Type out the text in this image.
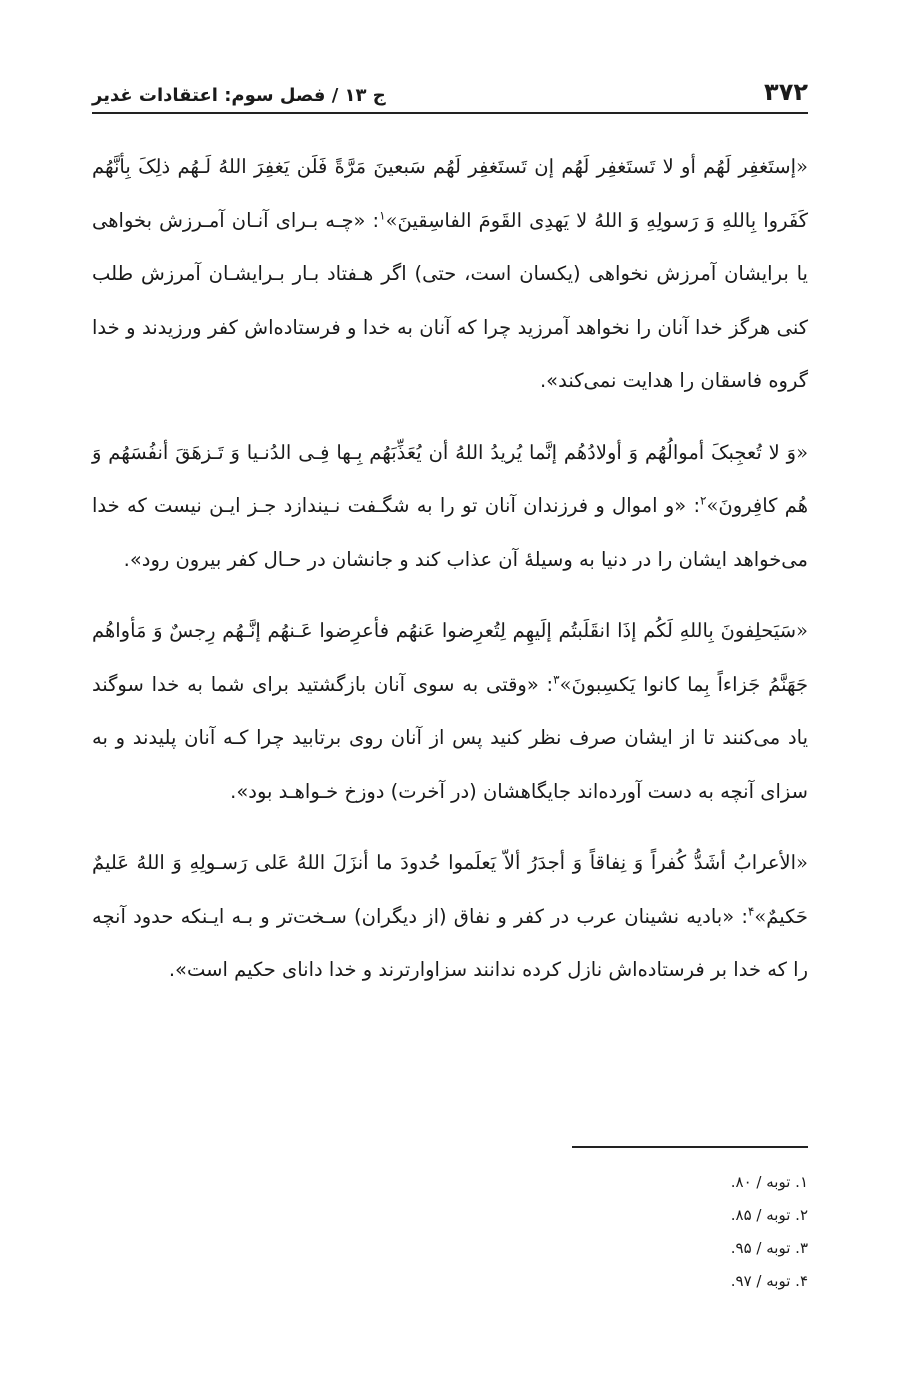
۳۷۲
ج ۱۳ / فصل سوم: اعتقادات غدیر

«إستَغفِر لَهُم أو لا تَستَغفِر لَهُم إن تَستَغفِر لَهُم سَبعینَ مَرَّةً فَلَن یَغفِرَ اللهُ لَـهُم ذلِکَ بِأنَّهُم کَفَروا بِاللهِ وَ رَسولِهِ وَ اللهُ لا یَهدِی القَومَ الفاسِقینَ»$^۱$: «چـه بـرای آنـان آمـرزش بخواهی یا برایشان آمرزش نخواهی (یکسان است، حتی) اگر هـفتاد بـار بـرایشـان آمرزش طلب کنی هرگز خدا آنان را نخواهد آمرزید چرا که آنان به خدا و فرستاده‌اش کفر ورزیدند و خدا گروه فاسقان را هدایت نمی‌کند».

«وَ لا تُعجِبکَ أموالُهُم وَ أولادُهُم إنَّما یُریدُ اللهُ أن یُعَذِّبَهُم بِـها فِـی الدُنـیا وَ تَـزهَقَ أنفُسَهُم وَ هُم کافِرونَ»$^۲$: «و اموال و فرزندان آنان تو را به شگـفت نـیندازد جـز ایـن نیست که خدا می‌خواهد ایشان را در دنیا به وسیلهٔ آن عذاب کند و جانشان در حـال کفر بیرون رود».

«سَیَحلِفونَ بِاللهِ لَکُم إذَا انقَلَبتُم إلَیهِم لِتُعرِضوا عَنهُم فأعرِضوا عَـنهُم إنَّـهُم رِجسٌ وَ مَأواهُم جَهَنَّمُ جَزاءاً بِما کانوا یَکسِبونَ»$^۳$: «وقتی به سوی آنان بازگشتید برای شما به خدا سوگند یاد می‌کنند تا از ایشان صرف نظر کنید پس از آنان روی برتابید چرا کـه آنان پلیدند و به سزای آنچه به دست آورده‌اند جایگاهشان (در آخرت) دوزخ خـواهـد بود».

«الأعرابُ أشَدُّ کُفراً وَ نِفاقاً وَ أجدَرُ ألاّ یَعلَموا حُدودَ ما أنزَلَ اللهُ عَلی رَسـولِهِ وَ اللهُ عَلیمٌ حَکیمٌ»$^۴$: «بادیه نشینان عرب در کفر و نفاق (از دیگران) سـخت‌تر و بـه ایـنکه حدود آنچه را که خدا بر فرستاده‌اش نازل کرده ندانند سزاوارترند و خدا دانای حکیم است».

۱. توبه / ۸۰.

۲. توبه / ۸۵.

۳. توبه / ۹۵.

۴. توبه / ۹۷.
